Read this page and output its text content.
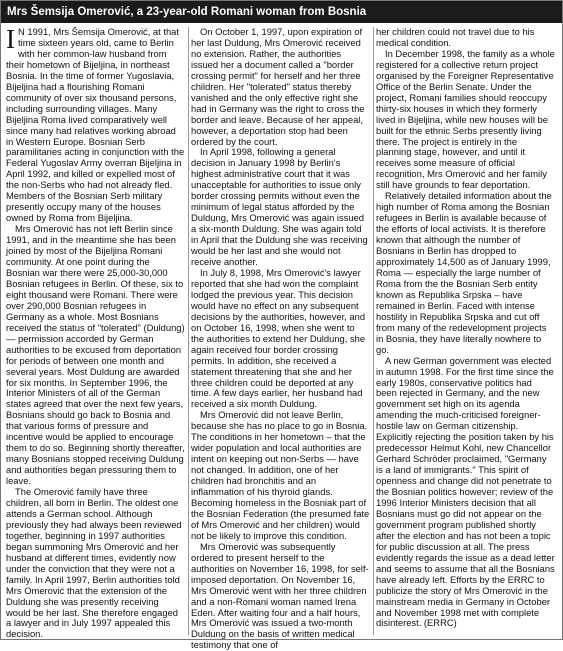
Mrs Šemsija Omerović, a 23-year-old Romani woman from Bosnia

I N 1991, Mrs Šemsija Omerović, at that time sixteen years old, came to Berlin with her common-law husband from their hometown of Bijeljina, in northeast Bosnia. In the time of former Yugoslavia, Bijeljina had a flourishing Romani community of over six thousand persons, including surrounding villages. Many Bijeljina Roma lived comparatively well since many had relatives working abroad in Western Europe. Bosnian Serb paramilitaries acting in conjunction with the Federal Yugoslav Army overran Bijeljina in April 1992, and killed or expelled most of the non-Serbs who had not already fled. Members of the Bosnian Serb military presently occupy many of the houses owned by Roma from Bijeljina.

Mrs Omerović has not left Berlin since 1991, and in the meantime she has been joined by most of the Bijeljina Romani community. At one point during the Bosnian war there were 25,000-30,000 Bosnian refugees in Berlin. Of these, six to eight thousand were Romani. There were over 290,000 Bosnian refugees in Germany as a whole. Most Bosnians received the status of "tolerated" (Duldung) — permission accorded by German authorities to be excused from deportation for periods of between one month and several years. Most Duldung are awarded for six months. In September 1996, the Interior Ministers of all of the German states agreed that over the next few years, Bosnians should go back to Bosnia and that various forms of pressure and incentive would be applied to encourage them to do so. Beginning shortly thereafter, many Bosnians stopped receiving Duldung and authorities began pressuring them to leave.

The Omerović family have three children, all born in Berlin. The oldest one attends a German school. Although previously they had always been reviewed together, beginning in 1997 authorities began summoning Mrs Omerović and her husband at different times, evidently now under the conviction that they were not a family. In April 1997, Berlin authorities told Mrs Omerović that the extension of the Duldung she was presently receiving would be her last. She therefore engaged a lawyer and in July 1997 appealed this decision.

On October 1, 1997, upon expiration of her last Duldung, Mrs Omerović received no extension. Rather, the authorities issued her a document called a "border crossing permit" for herself and her three children. Her "tolerated" status thereby vanished and the only effective right she had in Germany was the right to cross the border and leave. Because of her appeal, however, a deportation stop had been ordered by the court.

In April 1998, following a general decision in January 1998 by Berlin's highest administrative court that it was unacceptable for authorities to issue only border crossing permits without even the minimum of legal status afforded by the Duldung, Mrs Omerović was again issued a six-month Duldung. She was again told in April that the Duldung she was receiving would be her last and she would not receive another.

In July 8, 1998, Mrs Omerović's lawyer reported that she had won the complaint lodged the previous year. This decision would have no effect on any subsequent decisions by the authorities, however, and on October 16, 1998, when she went to the authorities to extend her Duldung, she again received four border crossing permits. In addition, she received a statement threatening that she and her three children could be deported at any time. A few days earlier, her husband had received a six month Duldung.

Mrs Omerović did not leave Berlin, because she has no place to go in Bosnia. The conditions in her hometown – that the wider population and local authorities are intent on keeping out non-Serbs — have not changed. In addition, one of her children had bronchitis and an inflammation of his thyroid glands. Becoming homeless in the Bosniak part of the Bosnian Federation (the presumed fate of Mrs Omerović and her children) would not be likely to improve this condition.

Mrs Omerović was subsequently ordered to present herself to the authorities on November 16, 1998, for self-imposed deportation. On November 16, Mrs Omerović went with her three children and a non-Romani woman named Irena Eden. After waiting four and a half hours, Mrs Omerović was issued a two-month Duldung on the basis of written medical testimony that one of

her children could not travel due to his medical condition.

In December 1998, the family as a whole registered for a collective return project organised by the Foreigner Representative Office of the Berlin Senate. Under the project, Romani families should reoccupy thirty-six houses in which they formerly lived in Bijeljina, while new houses will be built for the ethnic Serbs presently living there. The project is entirely in the planning stage, however, and until it receives some measure of official recognition, Mrs Omerović and her family still have grounds to fear deportation.

Relatively detailed information about the high number of Roma among the Bosnian refugees in Berlin is available because of the efforts of local activists. It is therefore known that although the number of Bosnians in Berlin has dropped to approximately 14,500 as of January 1999, Roma — especially the large number of Roma from the the Bosnian Serb entity known as Republika Srpska – have remained in Berlin. Faced with intense hostility in Republika Srpska and cut off from many of the redevelopment projects in Bosnia, they have literally nowhere to go.

A new German government was elected in autumn 1998. For the first time since the early 1980s, conservative politics had been rejected in Germany, and the new government set high on its agenda amending the much-criticised foreigner-hostile law on German citizenship. Explicitly rejecting the position taken by his predecessor Helmut Kohl, new Chancellor Gerhard Schröder proclaimed, "Germany is a land of immigrants." This spirit of openness and change did not penetrate to the Bosnian politics however; review of the 1996 Interior Ministers decision that all Bosnians must go did not appear on the government program published shortly after the election and has not been a topic for public discussion at all. The press evidently regards the issue as a dead letter and seems to assume that all the Bosnians have already left. Efforts by the ERRC to publicize the story of Mrs Omerović in the mainstream media in Germany in October and November 1998 met with complete disinterest. (ERRC)
